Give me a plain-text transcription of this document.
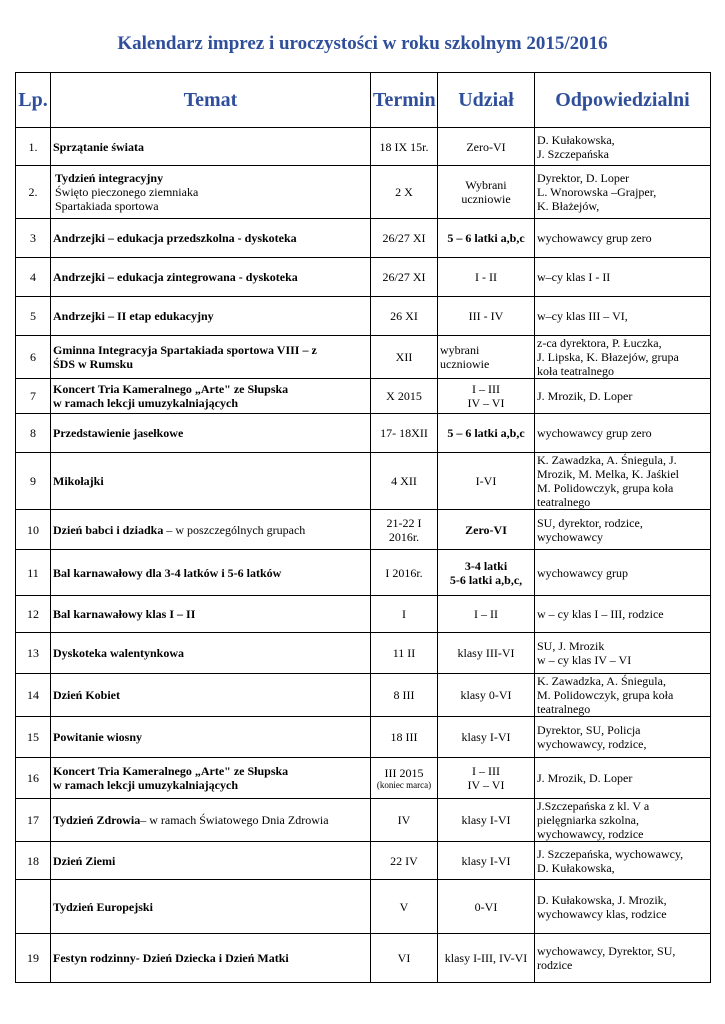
Kalendarz imprez i uroczystości w roku szkolnym 2015/2016
Lp.	Temat	Termin	Udział	Odpowiedzialni
1.	Sprzątanie świata	18 IX 15r.	Zero-VI	D. Kułakowska,
J. Szczepańska

2.	Tydzień integracyjny
Święto pieczonego ziemniaka
Spartakiada sportowa	2 X	Wybrani
uczniowie	Dyrektor, D. Loper
L. Wnorowska –Grajper,
K. Błażejów,

3	Andrzejki – edukacja przedszkolna - dyskoteka	26/27 XI	5 – 6 latki a,b,c	wychowawcy grup zero

4	Andrzejki – edukacja zintegrowana - dyskoteka	26/27 XI	I - II	w–cy klas I - II

5	Andrzejki – II etap edukacyjny	26 XI	III - IV	w–cy klas III – VI,

6	Gminna Integracyja Spartakiada sportowa VIII – z
ŚDS w Rumsku	XII	wybrani
uczniowie	z-ca dyrektora, P. Łuczka,
J. Lipska, K. Błazejów, grupa
koła teatralnego

7	Koncert Tria Kameralnego „Arte" ze Słupska
w ramach lekcji umuzykalniających	X 2015	I – III
IV – VI	J. Mrozik, D. Loper

8	Przedstawienie jasełkowe	17- 18XII	5 – 6 latki a,b,c	wychowawcy grup zero

9	Mikołajki	4 XII	I-VI	K. Zawadzka, A. Śniegula, J.
Mrozik, M. Melka, K. Jaśkiel
M. Polidowczyk, grupa koła
teatralnego

10	Dzień babci i dziadka – w poszczególnych grupach	21-22 I
2016r.	Zero-VI	SU, dyrektor, rodzice,
wychowawcy

11	Bal karnawałowy dla 3-4 latków i 5-6 latków	I 2016r.	3-4 latki
5-6 latki a,b,c,	wychowawcy grup

12	Bal karnawałowy klas I – II	I	I – II	w – cy klas I – III, rodzice

13	Dyskoteka walentynkowa	11 II	klasy III-VI	SU, J. Mrozik
w – cy klas IV – VI

14	Dzień Kobiet	8 III	klasy 0-VI	K. Zawadzka, A. Śniegula,
M. Polidowczyk, grupa koła
teatralnego

15	Powitanie wiosny	18 III	klasy I-VI	Dyrektor, SU, Policja
wychowawcy, rodzice,

16	Koncert Tria Kameralnego „Arte" ze Słupska
w ramach lekcji umuzykalniających	III 2015
(koniec marca)	I – III
IV – VI	J. Mrozik, D. Loper

17	Tydzień Zdrowia– w ramach Światowego Dnia Zdrowia	IV	klasy I-VI	J.Szczepańska z kl. V a
pielęgniarka szkolna,
wychowawcy, rodzice

18	Dzień Ziemi	22 IV	klasy I-VI	J. Szczepańska, wychowawcy,
D. Kułakowska,

	Tydzień Europejski	V	0-VI	D. Kułakowska, J. Mrozik,
wychowawcy klas, rodzice

19	Festyn rodzinny- Dzień Dziecka i Dzień Matki	VI	klasy I-III, IV-VI	wychowawcy, Dyrektor, SU,
rodzice
